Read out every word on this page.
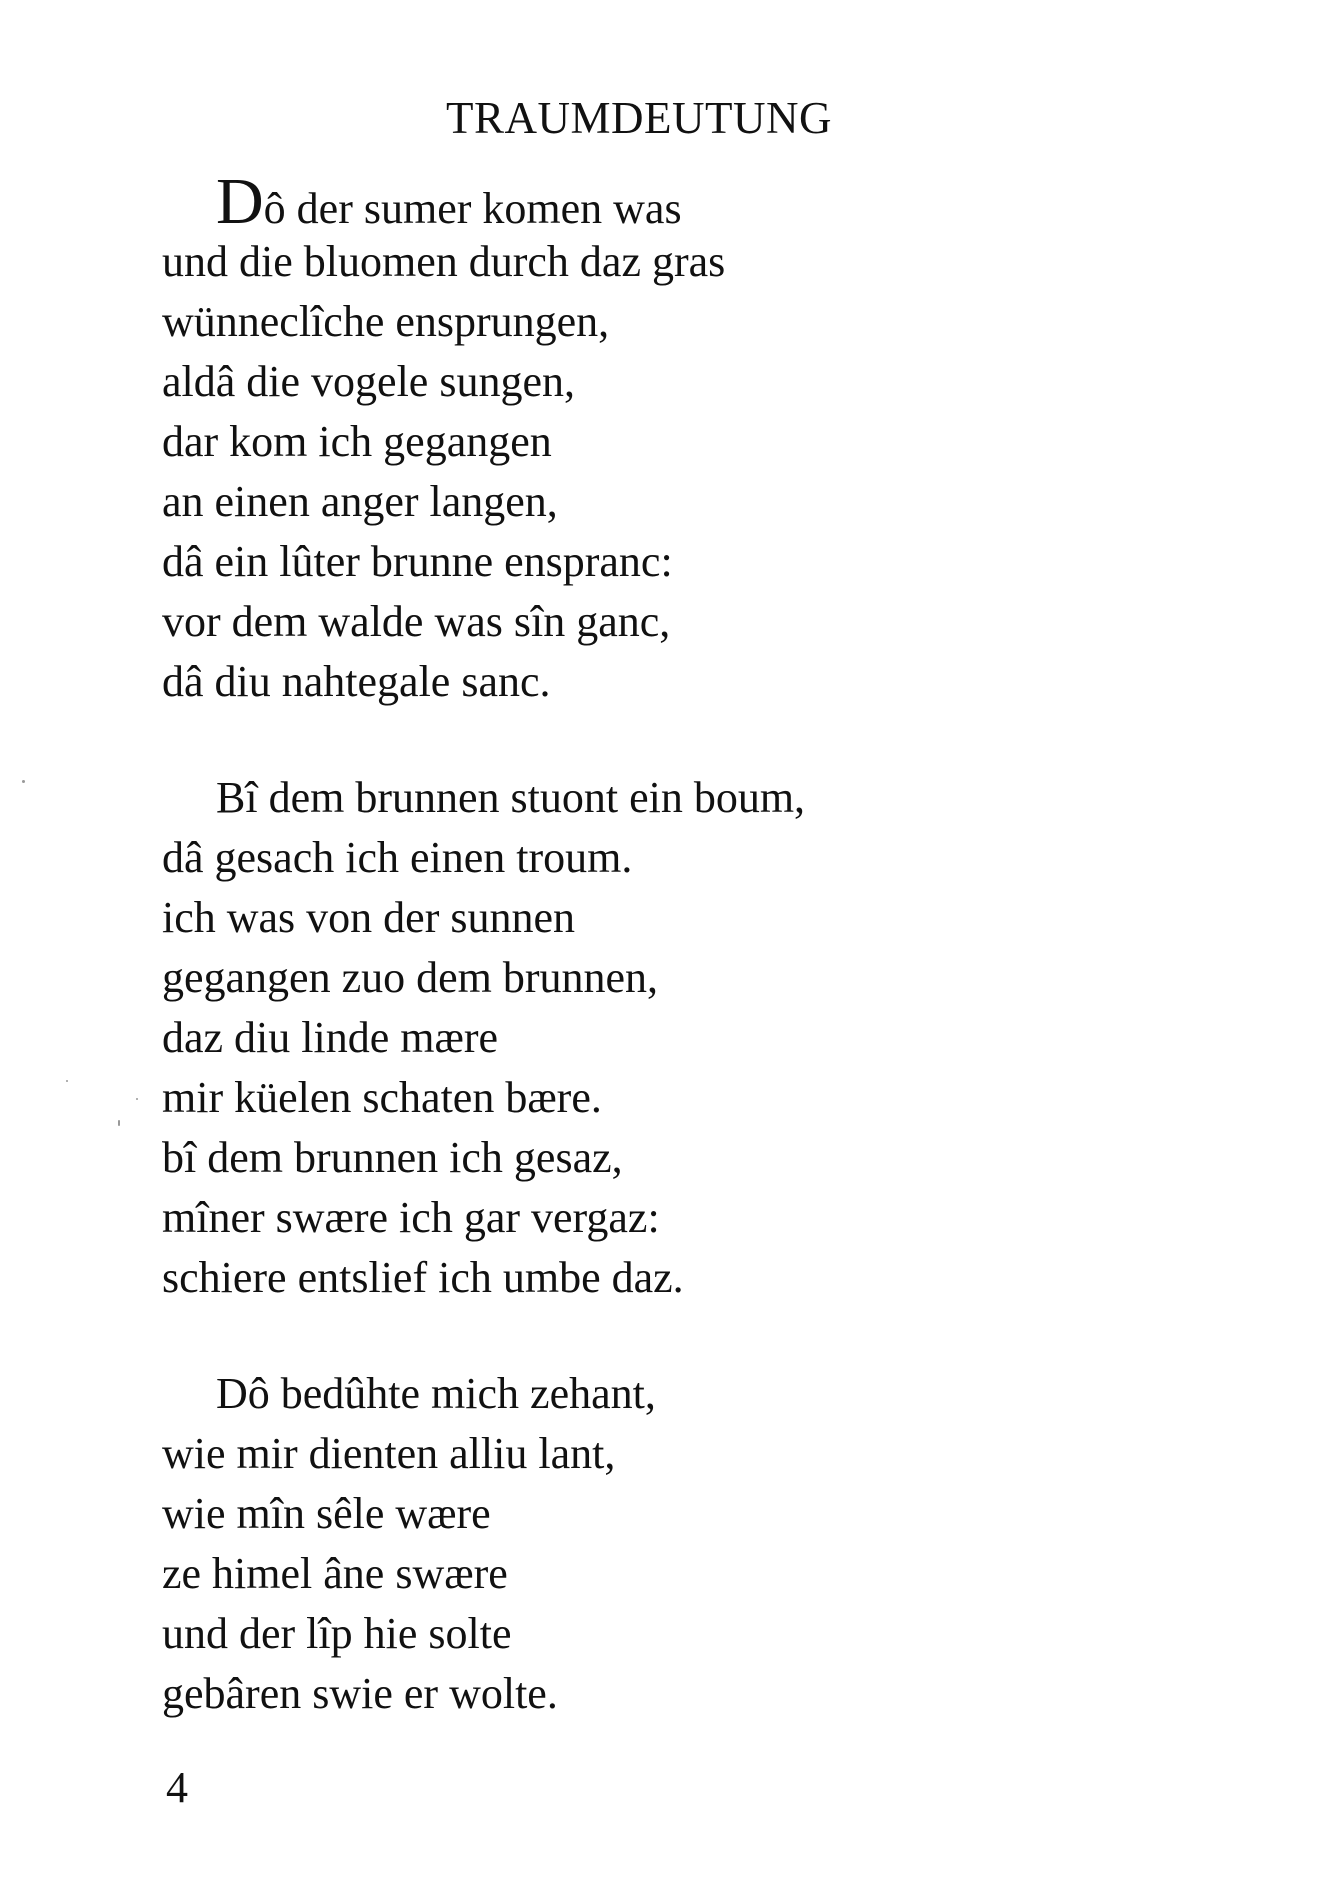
TRAUMDEUTUNG
Dô der sumer komen was
und die bluomen durch daz gras
wünneclîche ensprungen,
aldâ die vogele sungen,
dar kom ich gegangen
an einen anger langen,
dâ ein lûter brunne enspranc:
vor dem walde was sîn ganc,
dâ diu nahtegale sanc.
Bî dem brunnen stuont ein boum,
dâ gesach ich einen troum.
ich was von der sunnen
gegangen zuo dem brunnen,
daz diu linde mære
mir küelen schaten bære.
bî dem brunnen ich gesaz,
mîner swære ich gar vergaz:
schiere entslief ich umbe daz.
Dô bedûhte mich zehant,
wie mir dienten alliu lant,
wie mîn sêle wære
ze himel âne swære
und der lîp hie solte
gebâren swie er wolte.
4
